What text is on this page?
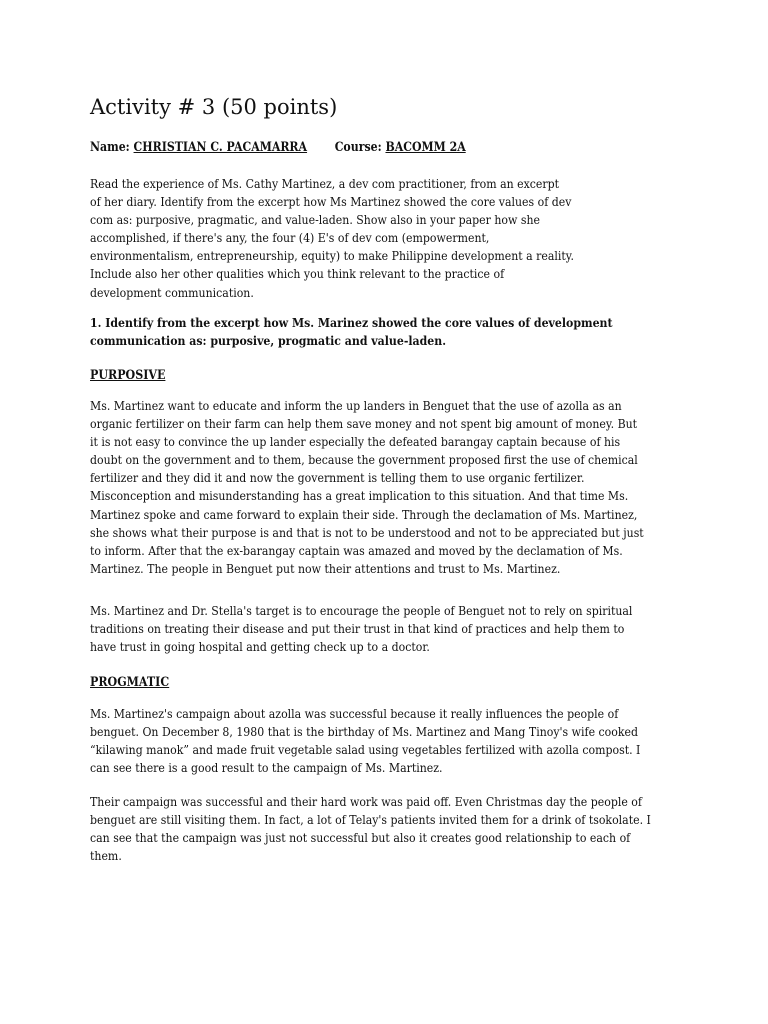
Activity # 3 (50 points)
Name: CHRISTIAN C. PACAMARRA Course: BACOMM 2A
Read the experience of Ms. Cathy Martinez, a dev com practitioner, from an excerpt
of her diary. Identify from the excerpt how Ms Martinez showed the core values of dev
com as: purposive, pragmatic, and value-laden. Show also in your paper how she
accomplished, if there's any, the four (4) E's of dev com (empowerment,
environmentalism, entrepreneurship, equity) to make Philippine development a reality.
Include also her other qualities which you think relevant to the practice of
development communication.
1. Identify from the excerpt how Ms. Marinez showed the core values of development
communication as: purposive, progmatic and value-laden.
PURPOSIVE
Ms. Martinez want to educate and inform the up landers in Benguet that the use of azolla as an
organic fertilizer on their farm can help them save money and not spent big amount of money. But
it is not easy to convince the up lander especially the defeated barangay captain because of his
doubt on the government and to them, because the government proposed first the use of chemical
fertilizer and they did it and now the government is telling them to use organic fertilizer.
Misconception and misunderstanding has a great implication to this situation. And that time Ms.
Martinez spoke and came forward to explain their side. Through the declamation of Ms. Martinez,
she shows what their purpose is and that is not to be understood and not to be appreciated but just
to inform. After that the ex-barangay captain was amazed and moved by the declamation of Ms.
Martinez. The people in Benguet put now their attentions and trust to Ms. Martinez.
Ms. Martinez and Dr. Stella's target is to encourage the people of Benguet not to rely on spiritual
traditions on treating their disease and put their trust in that kind of practices and help them to
have trust in going hospital and getting check up to a doctor.
PROGMATIC
Ms. Martinez's campaign about azolla was successful because it really influences the people of
benguet. On December 8, 1980 that is the birthday of Ms. Martinez and Mang Tinoy's wife cooked
“kilawing manok” and made fruit vegetable salad using vegetables fertilized with azolla compost. I
can see there is a good result to the campaign of Ms. Martinez.
Their campaign was successful and their hard work was paid off. Even Christmas day the people of
benguet are still visiting them. In fact, a lot of Telay's patients invited them for a drink of tsokolate. I
can see that the campaign was just not successful but also it creates good relationship to each of
them.
